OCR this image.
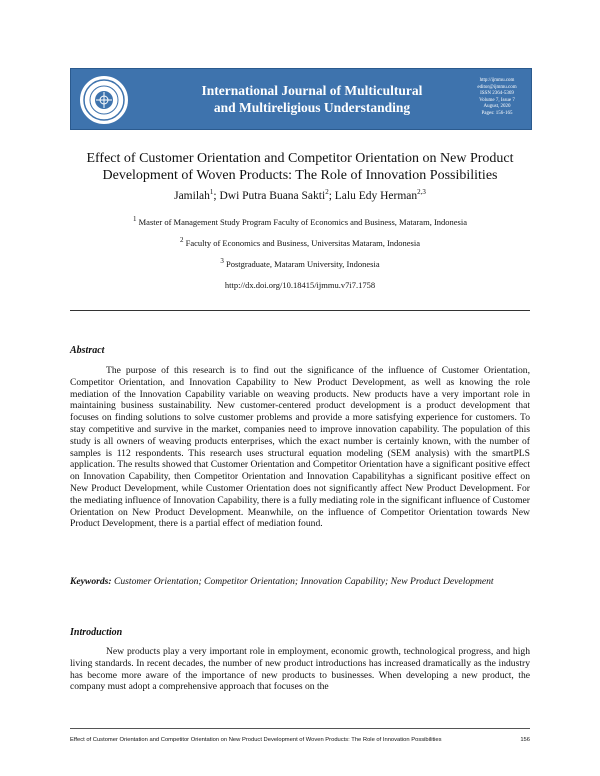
International Journal of Multicultural
and Multireligious Understanding
http://ijmmu.com
editor@ijmmu.com
ISSN 2364-5369
Volume 7, Issue 7
August, 2020
Pages: 156-165
Effect of Customer Orientation and Competitor Orientation on New Product
Development of Woven Products: The Role of Innovation Possibilities
Jamilah$^1$; Dwi Putra Buana Sakti$^2$; Lalu Edy Herman$^{2,3}$
$^1$ Master of Management Study Program Faculty of Economics and Business, Mataram, Indonesia
$^2$ Faculty of Economics and Business, Universitas Mataram, Indonesia
$^3$ Postgraduate, Mataram University, Indonesia
http://dx.doi.org/10.18415/ijmmu.v7i7.1758
Abstract

The purpose of this research is to find out the significance of the influence of Customer Orientation, Competitor Orientation, and Innovation Capability to New Product Development, as well as knowing the role mediation of the Innovation Capability variable on weaving products. New products have a very important role in maintaining business sustainability. New customer-centered product development is a product development that focuses on finding solutions to solve customer problems and provide a more satisfying experience for customers. To stay competitive and survive in the market, companies need to improve innovation capability. The population of this study is all owners of weaving products enterprises, which the exact number is certainly known, with the number of samples is 112 respondents. This research uses structural equation modeling (SEM analysis) with the smartPLS application. The results showed that Customer Orientation and Competitor Orientation have a significant positive effect on Innovation Capability, then Competitor Orientation and Innovation Capabilityhas a significant positive effect on New Product Development, while Customer Orientation does not significantly affect New Product Development. For the mediating influence of Innovation Capability, there is a fully mediating role in the significant influence of Customer Orientation on New Product Development. Meanwhile, on the influence of Competitor Orientation towards New Product Development, there is a partial effect of mediation found.

Keywords: Customer Orientation; Competitor Orientation; Innovation Capability; New Product Development
Introduction

New products play a very important role in employment, economic growth, technological progress, and high living standards. In recent decades, the number of new product introductions has increased dramatically as the industry has become more aware of the importance of new products to businesses. When developing a new product, the company must adopt a comprehensive approach that focuses on the

Effect of Customer Orientation and Competitor Orientation on New Product Development of Woven Products: The Role of Innovation Possibilities	156
